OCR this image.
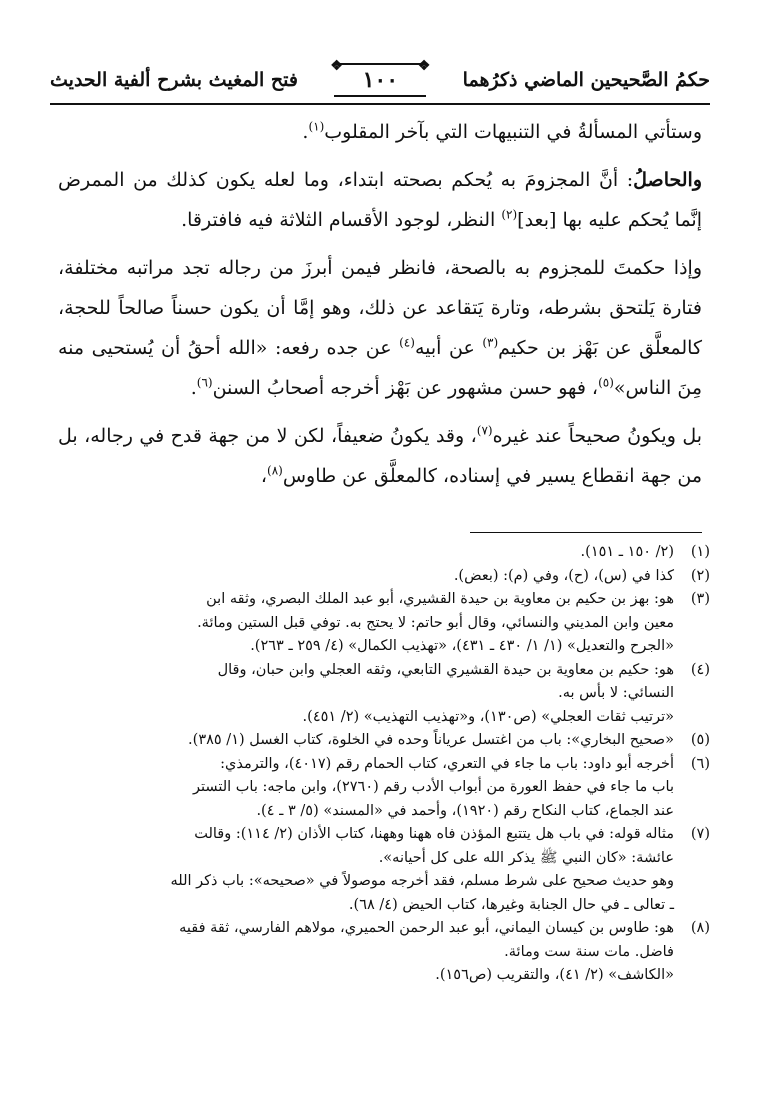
حكمُ الصَّحيحين الماضي ذكرُهما
❖
١٠٠
❖
فتح المغيث بشرح ألفية الحديث

وستأتي المسألةُ في التنبيهات التي بآخر المقلوب$^{(١)}$.

والحاصلُ: أنَّ المجزومَ به يُحكم بصحته ابتداء، وما لعله يكون كذلك من الممرض إنَّما يُحكم عليه بها [بعد]$^{(٢)}$ النظر، لوجود الأقسام الثلاثة فيه فافترقا.

وإذا حكمتَ للمجزوم به بالصحة، فانظر فيمن أبرزَ من رجاله تجد مراتبه مختلفة، فتارة يَلتحق بشرطه، وتارة يَتقاعد عن ذلك، وهو إمَّا أن يكون حسناً صالحاً للحجة، كالمعلَّق عن بَهْز بن حكيم$^{(٣)}$ عن أبيه$^{(٤)}$ عن جده رفعه: «الله أحقُ أن يُستحيى منه مِنَ الناس»$^{(٥)}$، فهو حسن مشهور عن بَهْز أخرجه أصحابُ السنن$^{(٦)}$.

بل ويكونُ صحيحاً عند غيره$^{(٧)}$، وقد يكونُ ضعيفاً، لكن لا من جهة قدح في رجاله، بل من جهة انقطاع يسير في إسناده، كالمعلَّق عن طاوس$^{(٨)}$،

(١)
(٢/ ١٥٠ ـ ١٥١).
(٢)
كذا في (س)، (ح)، وفي (م): (بعض).
(٣)
هو: بهز بن حكيم بن معاوية بن حيدة القشيري، أبو عبد الملك البصري، وثقه ابن
معين وابن المديني والنسائي، وقال أبو حاتم: لا يحتج به. توفي قبل الستين ومائة.
«الجرح والتعديل» (١/ ١/ ٤٣٠ ـ ٤٣١)، «تهذيب الكمال» (٤/ ٢٥٩ ـ ٢٦٣).
(٤)
هو: حكيم بن معاوية بن حيدة القشيري التابعي، وثقه العجلي وابن حبان، وقال
النسائي: لا بأس به.
«ترتيب ثقات العجلي» (ص١٣٠)، و«تهذيب التهذيب» (٢/ ٤٥١).
(٥)
«صحيح البخاري»: باب من اغتسل عرياناً وحده في الخلوة، كتاب الغسل (١/ ٣٨٥).
(٦)
أخرجه أبو داود: باب ما جاء في التعري، كتاب الحمام رقم (٤٠١٧)، والترمذي:
باب ما جاء في حفظ العورة من أبواب الأدب رقم (٢٧٦٠)، وابن ماجه: باب التستر
عند الجماع، كتاب النكاح رقم (١٩٢٠)، وأحمد في «المسند» (٥/ ٣ ـ ٤).
(٧)
مثاله قوله: في باب هل يتتبع المؤذن فاه ههنا وههنا، كتاب الأذان (٢/ ١١٤): وقالت
عائشة: «كان النبي ﷺ يذكر الله على كل أحيانه».
وهو حديث صحيح على شرط مسلم، فقد أخرجه موصولاً في «صحيحه»: باب ذكر الله
ـ تعالى ـ في حال الجنابة وغيرها، كتاب الحيض (٤/ ٦٨).
(٨)
هو: طاوس بن كيسان اليماني، أبو عبد الرحمن الحميري، مولاهم الفارسي، ثقة فقيه
فاضل. مات سنة ست ومائة.
«الكاشف» (٢/ ٤١)، والتقريب (ص١٥٦).
